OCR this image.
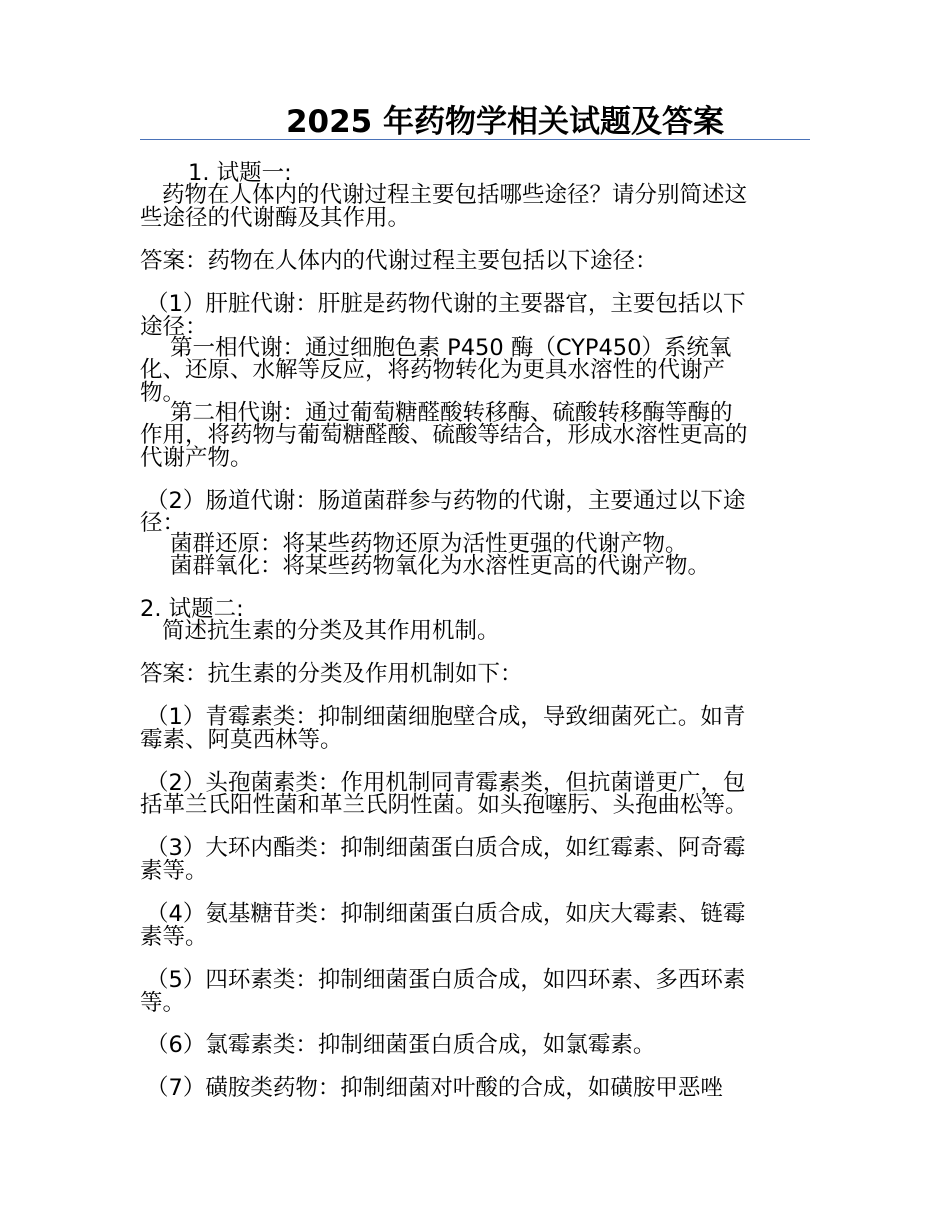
2025 年药物学相关试题及答案
1. 试题一:
药物在人体内的代谢过程主要包括哪些途径？请分别简述这
些途径的代谢酶及其作用。
答案：药物在人体内的代谢过程主要包括以下途径：
（1）肝脏代谢：肝脏是药物代谢的主要器官，主要包括以下
途径：
第一相代谢：通过细胞色素 P450 酶（CYP450）系统氧
化、还原、水解等反应，将药物转化为更具水溶性的代谢产
物。
第二相代谢：通过葡萄糖醛酸转移酶、硫酸转移酶等酶的
作用，将药物与葡萄糖醛酸、硫酸等结合，形成水溶性更高的
代谢产物。
（2）肠道代谢：肠道菌群参与药物的代谢，主要通过以下途
径：
菌群还原：将某些药物还原为活性更强的代谢产物。
菌群氧化：将某些药物氧化为水溶性更高的代谢产物。
2. 试题二:
简述抗生素的分类及其作用机制。
答案：抗生素的分类及作用机制如下：
（1）青霉素类：抑制细菌细胞壁合成，导致细菌死亡。如青
霉素、阿莫西林等。
（2）头孢菌素类：作用机制同青霉素类，但抗菌谱更广，包
括革兰氏阳性菌和革兰氏阴性菌。如头孢噻肟、头孢曲松等。
（3）大环内酯类：抑制细菌蛋白质合成，如红霉素、阿奇霉
素等。
（4）氨基糖苷类：抑制细菌蛋白质合成，如庆大霉素、链霉
素等。
（5）四环素类：抑制细菌蛋白质合成，如四环素、多西环素
等。
（6）氯霉素类：抑制细菌蛋白质合成，如氯霉素。
（7）磺胺类药物：抑制细菌对叶酸的合成，如磺胺甲恶唑
